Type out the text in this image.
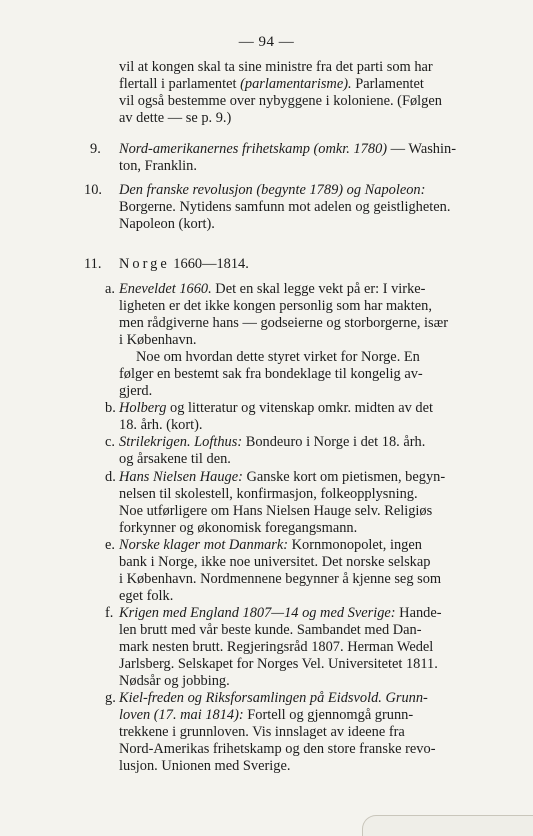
— 94 —
vil at kongen skal ta sine ministre fra det parti som har
flertall i parlamentet (parlamentarisme). Parlamentet
vil også bestemme over nybyggene i koloniene. (Følgen
av dette — se p. 9.)
9. Nord-amerikanernes frihetskamp (omkr. 1780) — Washin-
ton, Franklin.
10. Den franske revolusjon (begynte 1789) og Napoleon:
Borgerne. Nytidens samfunn mot adelen og geistligheten.
Napoleon (kort).
11. Norge 1660—1814.
a. Eneveldet 1660. Det en skal legge vekt på er: I virke-
ligheten er det ikke kongen personlig som har makten,
men rådgiverne hans — godseierne og storborgerne, især
i København.
Noe om hvordan dette styret virket for Norge. En
følger en bestemt sak fra bondeklage til kongelig av-
gjerd.
b. Holberg og litteratur og vitenskap omkr. midten av det
18. årh. (kort).
c. Strilekrigen. Lofthus: Bondeuro i Norge i det 18. årh.
og årsakene til den.
d. Hans Nielsen Hauge: Ganske kort om pietismen, begyn-
nelsen til skolestell, konfirmasjon, folkeopplysning.
Noe utførligere om Hans Nielsen Hauge selv. Religiøs
forkynner og økonomisk foregangsmann.
e. Norske klager mot Danmark: Kornmonopolet, ingen
bank i Norge, ikke noe universitet. Det norske selskap
i København. Nordmennene begynner å kjenne seg som
eget folk.
f. Krigen med England 1807—14 og med Sverige: Hande-
len brutt med vår beste kunde. Sambandet med Dan-
mark nesten brutt. Regjeringsråd 1807. Herman Wedel
Jarlsberg. Selskapet for Norges Vel. Universitetet 1811.
Nødsår og jobbing.
g. Kiel-freden og Riksforsamlingen på Eidsvold. Grunn-
loven (17. mai 1814): Fortell og gjennomgå grunn-
trekkene i grunnloven. Vis innslaget av ideene fra
Nord-Amerikas frihetskamp og den store franske revo-
lusjon. Unionen med Sverige.
